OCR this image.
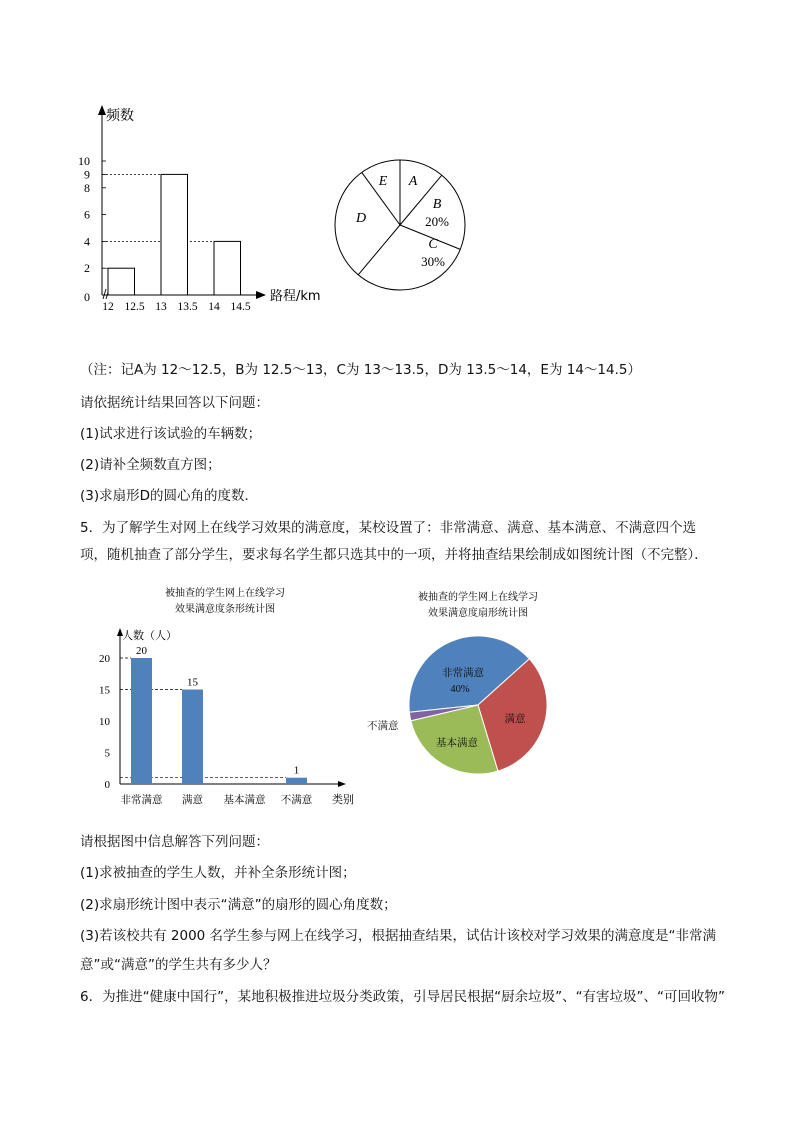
频数
路程/km
0
2
4
6
8
9
10
12 12.5 13 13.5 14 14.5
E A
B
20%
C
30%
D
（注：记A为 12～12.5，B为 12.5～13，C为 13～13.5，D为 13.5～14，E为 14～14.5）
请依据统计结果回答以下问题：
(1)试求进行该试验的车辆数；
(2)请补全频数直方图；
(3)求扇形D的圆心角的度数．
5．为了解学生对网上在线学习效果的满意度，某校设置了：非常满意、满意、基本满意、不满意四个选项，随机抽查了部分学生，要求每名学生都只选其中的一项，并将抽查结果绘制成如图统计图（不完整）．
被抽查的学生网上在线学习
效果满意度条形统计图
人数（人）
类别
0
5
10
15
20
20
非常满意
15
满意 基本满意
1
不满意
被抽查的学生网上在线学习
效果满意度扇形统计图
非常满意
40%
满意
基本满意
不满意
请根据图中信息解答下列问题：
(1)求被抽查的学生人数，并补全条形统计图；
(2)求扇形统计图中表示“满意”的扇形的圆心角度数；
(3)若该校共有 2000 名学生参与网上在线学习，根据抽查结果，试估计该校对学习效果的满意度是“非常满
意”或“满意”的学生共有多少人？
6．为推进“健康中国行”，某地积极推进垃圾分类政策，引导居民根据“厨余垃圾”、“有害垃圾”、“可回收物”
